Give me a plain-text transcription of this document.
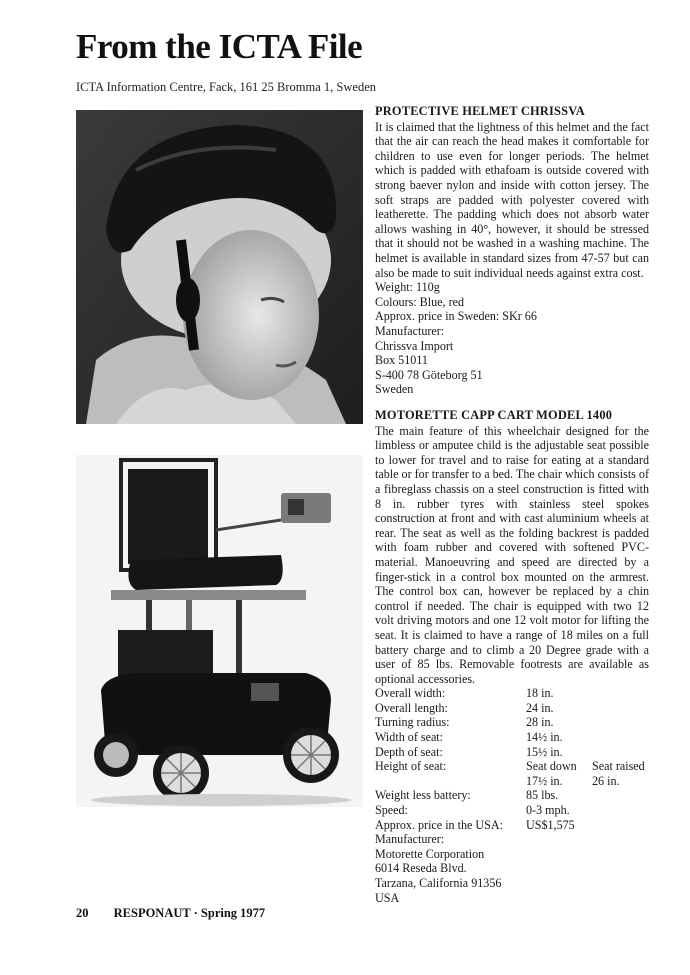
From the ICTA File
ICTA Information Centre, Fack, 161 25 Bromma 1, Sweden
PROTECTIVE HELMET CHRISSVA
It is claimed that the lightness of this helmet and the fact that the air can reach the head makes it comfortable for children to use even for longer periods. The helmet which is padded with ethafoam is outside covered with strong baever nylon and inside with cotton jersey. The soft straps are padded with polyester covered with leatherette. The padding which does not absorb water allows washing in 40°, however, it should be stressed that it should not be washed in a washing machine. The helmet is available in standard sizes from 47-57 but can also be made to suit individual needs against extra cost.
Weight: 110g
Colours: Blue, red
Approx. price in Sweden: SKr 66
Manufacturer:
Chrissva Import
Box 51011
S-400 78 Göteborg 51
Sweden
MOTORETTE CAPP CART MODEL 1400
The main feature of this wheelchair designed for the limbless or amputee child is the adjustable seat possible to lower for travel and to raise for eating at a standard table or for transfer to a bed. The chair which consists of a fibreglass chassis on a steel construction is fitted with 8 in. rubber tyres with stainless steel spokes construction at front and with cast aluminium wheels at rear. The seat as well as the folding backrest is padded with foam rubber and covered with softened PVC-material. Manoeuvring and speed are directed by a finger-stick in a control box mounted on the armrest. The control box can, however be replaced by a chin control if needed. The chair is equipped with two 12 volt driving motors and one 12 volt motor for lifting the seat. It is claimed to have a range of 18 miles on a full battery charge and to climb a 20 Degree grade with a user of 85 lbs. Removable footrests are available as optional accessories.
Overall width:	18 in.	
Overall length:	24 in.	
Turning radius:	28 in.	
Width of seat:	14½ in.	
Depth of seat:	15½ in.	
Height of seat:	Seat down	Seat raised
	17½ in.	26 in.
Weight less battery:	85 lbs.	
Speed:	0-3 mph.	
Approx. price in the USA:	US$1,575	
Manufacturer:
Motorette Corporation
6014 Reseda Blvd.
Tarzana, California 91356
USA
20 RESPONAUT · Spring 1977
